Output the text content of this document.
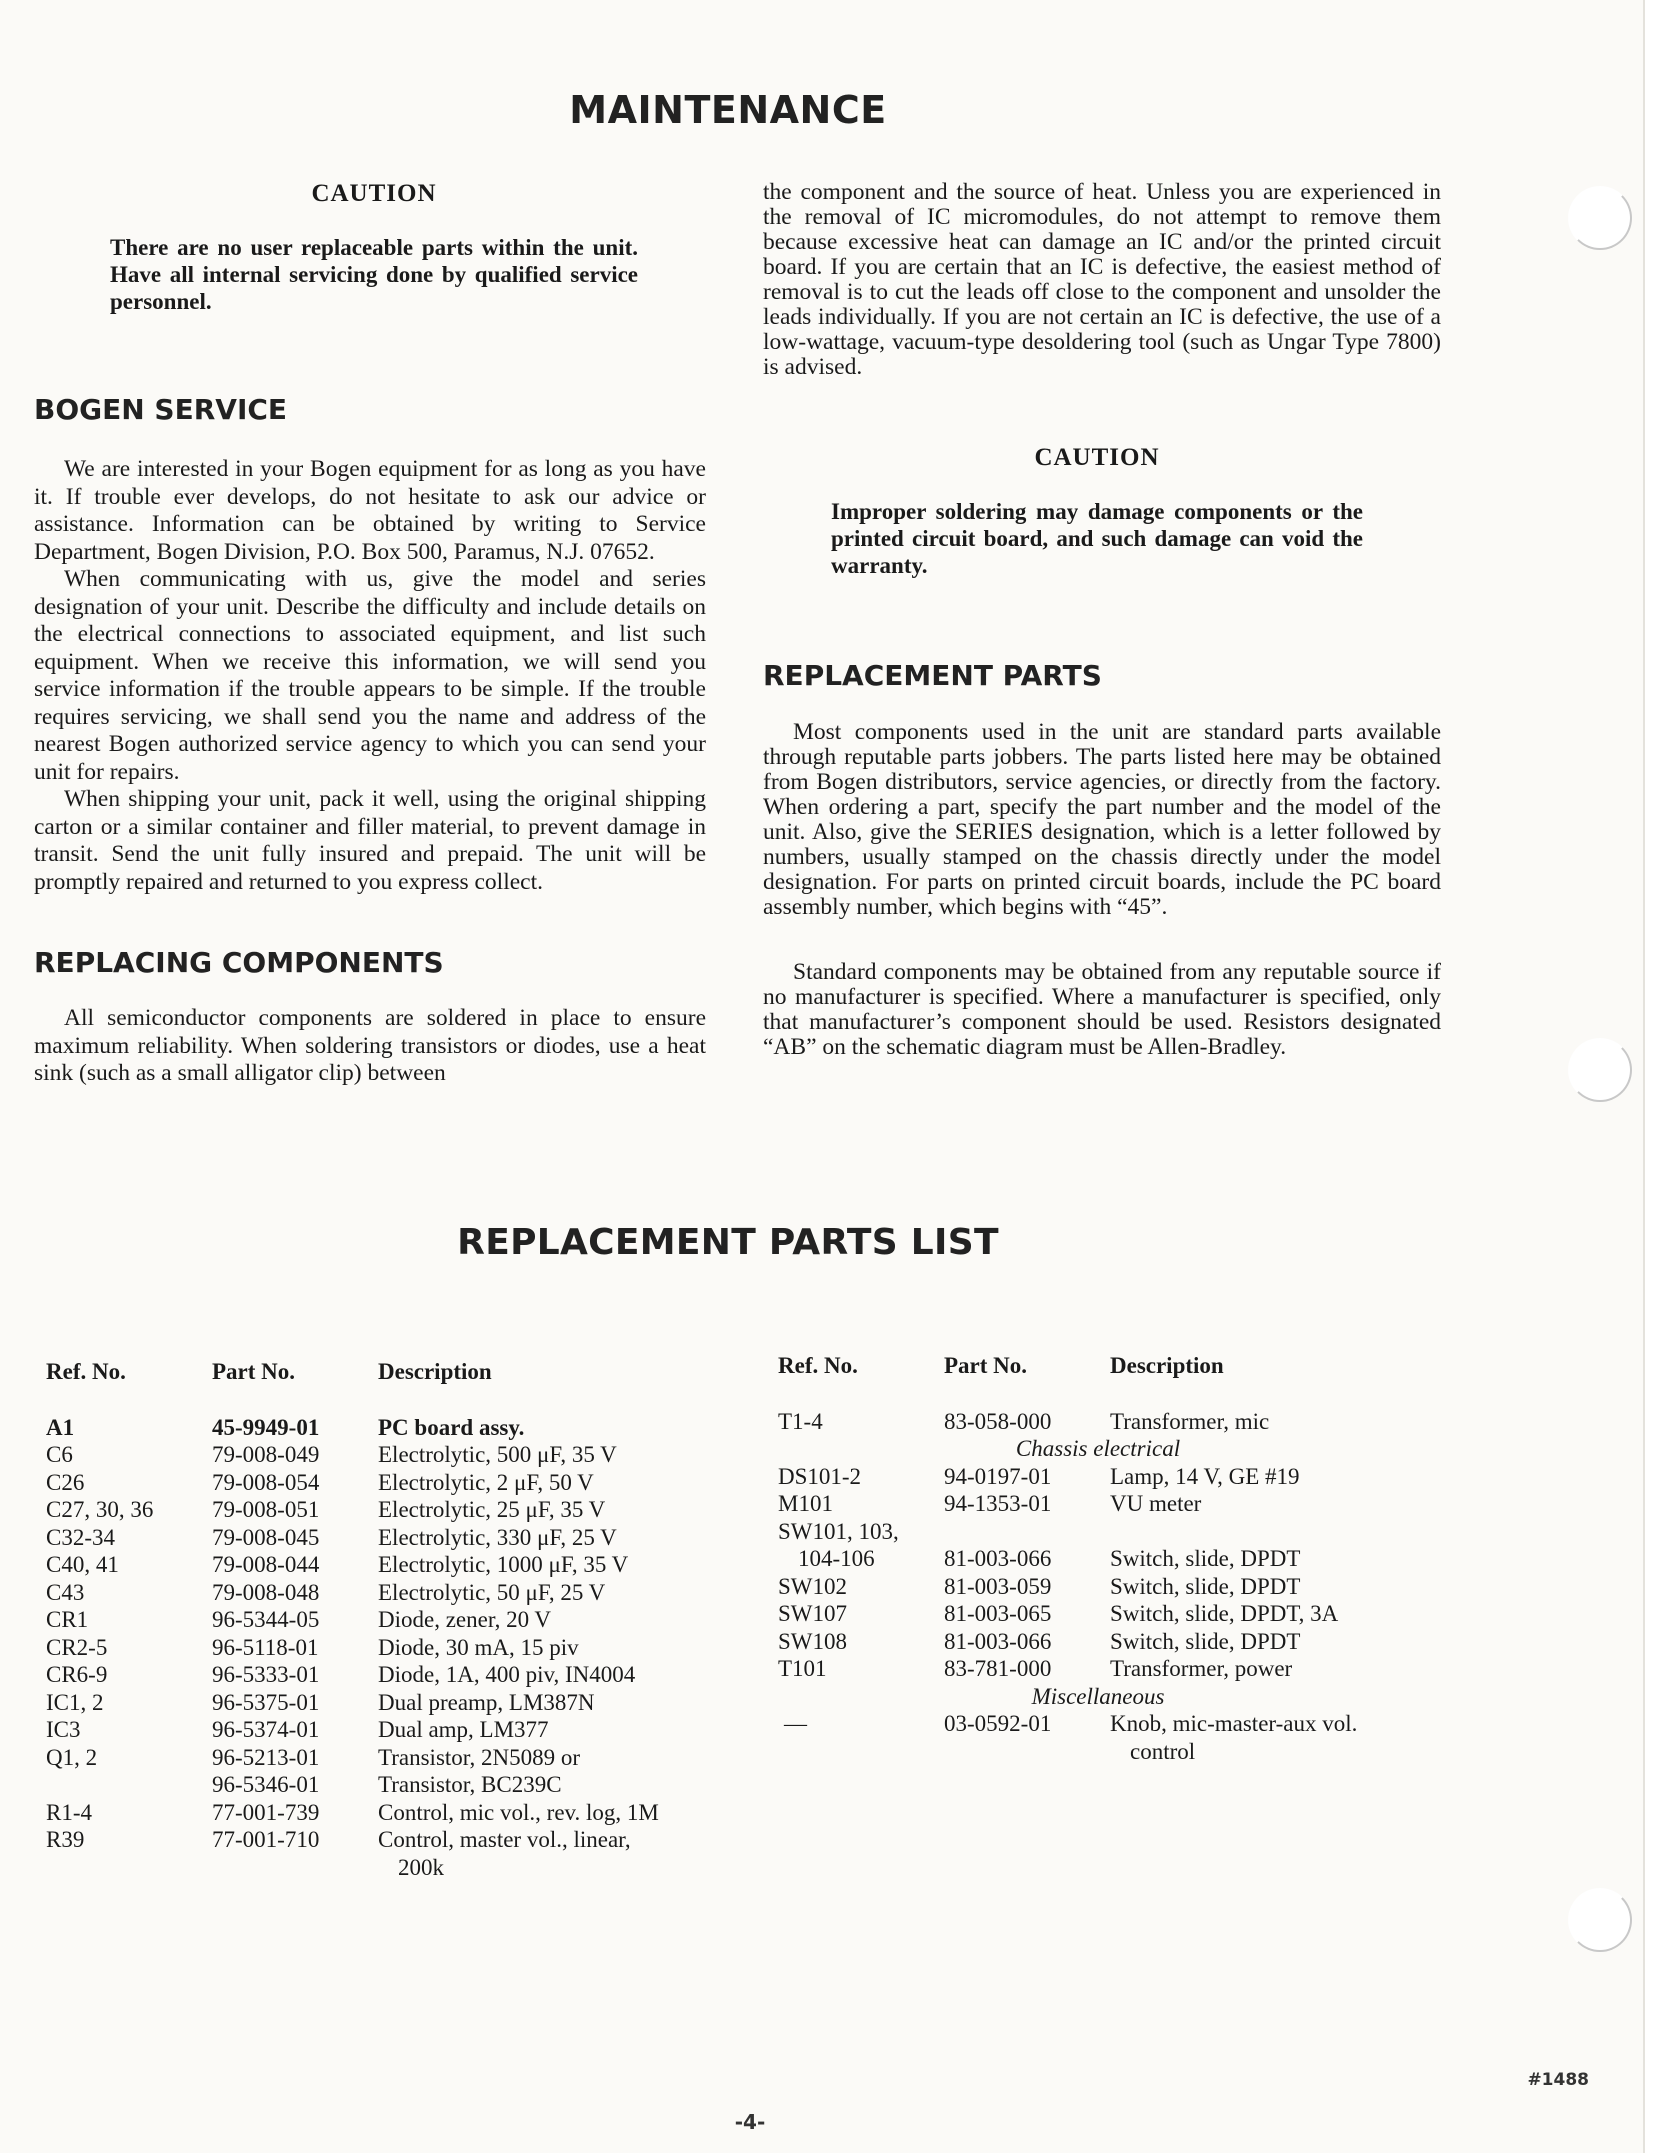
MAINTENANCE
CAUTION
There are no user replaceable parts within the unit. Have all internal servicing done by qualified service personnel.
BOGEN SERVICE

We are interested in your Bogen equipment for as long as you have it. If trouble ever develops, do not hesitate to ask our advice or assistance. Information can be obtained by writing to Service Department, Bogen Division, P.O. Box 500, Paramus, N.J. 07652.

When communicating with us, give the model and series designation of your unit. Describe the difficulty and include details on the electrical connections to associated equipment, and list such equipment. When we receive this information, we will send you service information if the trouble appears to be simple. If the trouble requires servicing, we shall send you the name and address of the nearest Bogen authorized service agency to which you can send your unit for repairs.

When shipping your unit, pack it well, using the original shipping carton or a similar container and filler material, to prevent damage in transit. Send the unit fully insured and prepaid. The unit will be promptly repaired and returned to you express collect.

REPLACING COMPONENTS

All semiconductor components are soldered in place to ensure maximum reliability. When soldering transistors or diodes, use a heat sink (such as a small alligator clip) between

the component and the source of heat. Unless you are experienced in the removal of IC micromodules, do not attempt to remove them because excessive heat can damage an IC and/or the printed circuit board. If you are certain that an IC is defective, the easiest method of removal is to cut the leads off close to the component and unsolder the leads individually. If you are not certain an IC is defective, the use of a low-wattage, vacuum-type desoldering tool (such as Ungar Type 7800) is advised.

CAUTION
Improper soldering may damage components or the printed circuit board, and such damage can void the warranty.
REPLACEMENT PARTS

Most components used in the unit are standard parts available through reputable parts jobbers. The parts listed here may be obtained from Bogen distributors, service agencies, or directly from the factory. When ordering a part, specify the part number and the model of the unit. Also, give the SERIES designation, which is a letter followed by numbers, usually stamped on the chassis directly under the model designation. For parts on printed circuit boards, include the PC board assembly number, which begins with “45”.

Standard components may be obtained from any reputable source if no manufacturer is specified. Where a manufacturer is specified, only that manufacturer’s component should be used. Resistors designated “AB” on the schematic diagram must be Allen-Bradley.

REPLACEMENT PARTS LIST
Ref. No.	Part No.	Description
A1	45-9949-01	PC board assy.
C6	79-008-049	Electrolytic, 500 μF, 35 V
C26	79-008-054	Electrolytic, 2 μF, 50 V
C27, 30, 36	79-008-051	Electrolytic, 25 μF, 35 V
C32-34	79-008-045	Electrolytic, 330 μF, 25 V
C40, 41	79-008-044	Electrolytic, 1000 μF, 35 V
C43	79-008-048	Electrolytic, 50 μF, 25 V
CR1	96-5344-05	Diode, zener, 20 V
CR2-5	96-5118-01	Diode, 30 mA, 15 piv
CR6-9	96-5333-01	Diode, 1A, 400 piv, IN4004
IC1, 2	96-5375-01	Dual preamp, LM387N
IC3	96-5374-01	Dual amp, LM377
Q1, 2	96-5213-01	Transistor, 2N5089 or
	96-5346-01	Transistor, BC239C
R1-4	77-001-739	Control, mic vol., rev. log, 1M
R39	77-001-710	Control, master vol., linear,
		200k
Ref. No.	Part No.	Description
T1-4	83-058-000	Transformer, mic
Chassis electrical		
DS101-2	94-0197-01	Lamp, 14 V, GE #19
M101	94-1353-01	VU meter
SW101, 103,		
104-106	81-003-066	Switch, slide, DPDT
SW102	81-003-059	Switch, slide, DPDT
SW107	81-003-065	Switch, slide, DPDT, 3A
SW108	81-003-066	Switch, slide, DPDT
T101	83-781-000	Transformer, power
Miscellaneous		
—	03-0592-01	Knob, mic-master-aux vol.
		control
#1488
-4-
